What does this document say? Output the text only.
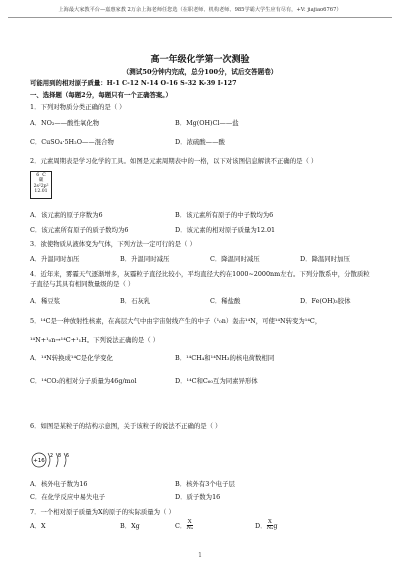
上海最大家教平台—嘉惠家教 2万余上海老师任您选（在职老师、机构老师、985学霸大学生应有尽有，+V: jiajiao6767）
高一年级化学第一次测验
（测试50分钟内完成，总分100分，试后交答题卷）
可能用到的相对原子质量：H-1 C-12 N-14 O-16 S-32 K-39 I-127
一、选择题（每题2分，每题只有一个正确答案。）
1．下列对物质分类正确的是（ ）
A．NO₂——酸性氧化物	B．Mg(OH)Cl——盐
C．CuSO₄·5H₂O——混合物	D．浓硫酸——酸
2．元素周期表是学习化学的工具。如图是元素周期表中的一格，以下对该图信息解读不正确的是（ ）
6 C
碳
2s²2p²
12.01
A．该元素的原子序数为6	B．该元素所有原子的中子数均为6
C．该元素所有原子的质子数均为6	D．该元素的相对原子质量为12.01
3．欲使物质从液体变为气体，下列方法一定可行的是（ ）
A．升温同时加压	B．升温同时减压	C．降温同时减压	D．降温同时加压
4．近年来，雾霾天气逐渐增多，灰霾粒子直径比较小，平均直径大约在1000~2000nm左右。下列分散系中，分散质粒子直径与其具有相同数量级的是（ ）
A．稀豆浆	B．石灰乳	C．稀盐酸	D．Fe(OH)₃胶体
5．¹⁴C是一种放射性核素，在高层大气中由宇宙射线产生的中子（¹₀n）轰击¹⁴N，可使¹⁴N转变为¹⁴C，
¹⁴N+¹₀n→¹⁴C+¹₁H。下列说法正确的是（ ）
A．¹⁴N转换成¹⁴C是化学变化	B．¹⁴CH₄和¹⁴NH₃的核电荷数相同
C．¹⁴CO₂的相对分子质量为46g/mol	D．¹⁴C和C₆₀互为同素异形体
6．如图是某粒子的结构示意图，关于该粒子的说法不正确的是（ ）
+16
2 8 6
A．核外电子数为16	B．核外有3个电子层
C．在化学反应中易失电子	D．质子数为16
7．一个相对原子质量为X的原子的实际质量为（ ）
A．X	B．Xg	C． $\frac{X}{\text{Nₐ}}$	D． $\frac{X}{\text{Nₐ}}$ g
1
